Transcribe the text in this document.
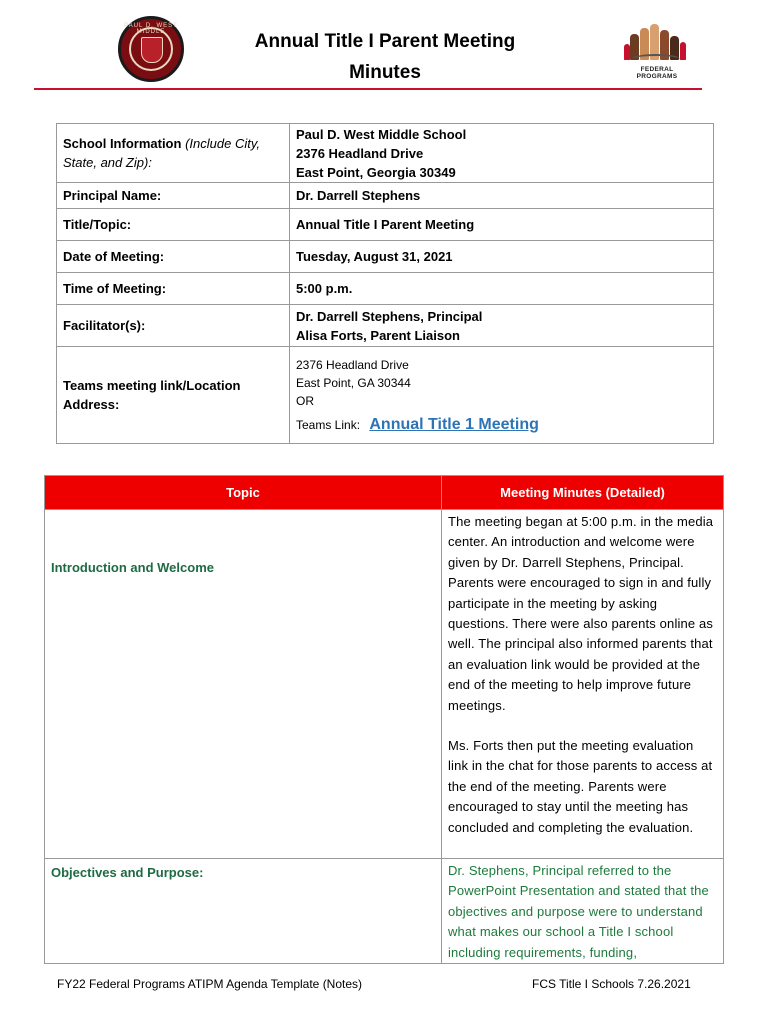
PAUL D. WEST MIDDLE	Annual Title I Parent Meeting
Minutes	FEDERAL PROGRAMS
School Information (Include City, State, and Zip):	Paul D. West Middle School
2376 Headland Drive
East Point, Georgia 30349

Principal Name:	Dr. Darrell Stephens
Title/Topic:	Annual Title I Parent Meeting
Date of Meeting:	Tuesday, August 31, 2021
Time of Meeting:	5:00 p.m.
Facilitator(s):	Dr. Darrell Stephens, Principal
Alisa Forts, Parent Liaison

Teams meeting link/Location Address:	2376 Headland Drive
East Point, GA 30344
OR
Teams Link: Annual Title 1 Meeting
Topic	Meeting Minutes (Detailed)

Introduction and Welcome	The meeting began at 5:00 p.m. in the media center. An introduction and welcome were given by Dr. Darrell Stephens, Principal. Parents were encouraged to sign in and fully participate in the meeting by asking questions. There were also parents online as well. The principal also informed parents that an evaluation link would be provided at the end of the meeting to help improve future meetings.
Ms. Forts then put the meeting evaluation link in the chat for those parents to access at the end of the meeting. Parents were encouraged to stay until the meeting has concluded and completing the evaluation.

Objectives and Purpose:	Dr. Stephens, Principal referred to the PowerPoint Presentation and stated that the objectives and purpose were to understand what makes our school a Title I school including requirements, funding,
FY22 Federal Programs ATIPM Agenda Template (Notes)	FCS Title I Schools 7.26.2021
